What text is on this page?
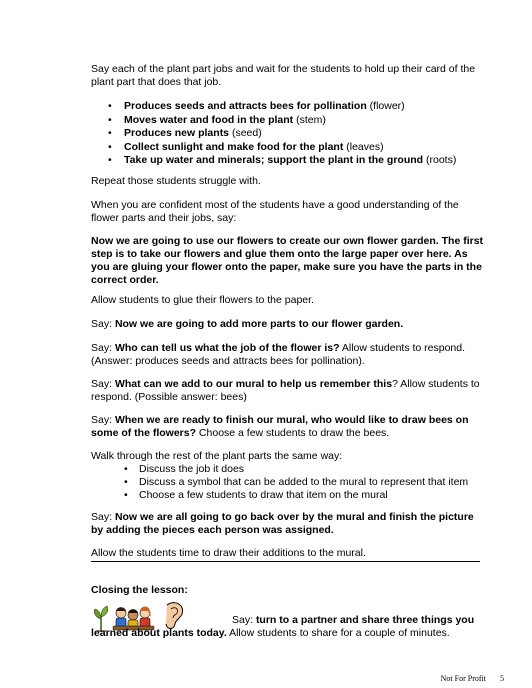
Say each of the plant part jobs and wait for the students to hold up their card of the plant part that does that job.

• Produces seeds and attracts bees for pollination (flower)
• Moves water and food in the plant (stem)
• Produces new plants (seed)
• Collect sunlight and make food for the plant (leaves)
• Take up water and minerals; support the plant in the ground (roots)

Repeat those students struggle with.

When you are confident most of the students have a good understanding of the flower parts and their jobs, say:

Now we are going to use our flowers to create our own flower garden. The first step is to take our flowers and glue them onto the large paper over here. As you are gluing your flower onto the paper, make sure you have the parts in the correct order.

Allow students to glue their flowers to the paper.

Say: Now we are going to add more parts to our flower garden.

Say: Who can tell us what the job of the flower is? Allow students to respond. (Answer: produces seeds and attracts bees for pollination).

Say: What can we add to our mural to help us remember this? Allow students to respond. (Possible answer: bees)

Say: When we are ready to finish our mural, who would like to draw bees on some of the flowers? Choose a few students to draw the bees.

Walk through the rest of the plant parts the same way:

• Discuss the job it does
• Discuss a symbol that can be added to the mural to represent that item
• Choose a few students to draw that item on the mural

Say: Now we are all going to go back over by the mural and finish the picture by adding the pieces each person was assigned.

Allow the students time to draw their additions to the mural.

Closing the lesson:

Say: turn to a partner and share three things you learned about plants today. Allow students to share for a couple of minutes.

Not For Profit 5
